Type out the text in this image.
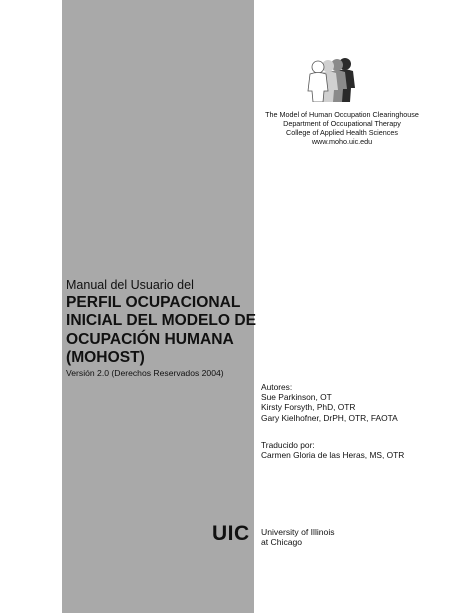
The Model of Human Occupation Clearinghouse
Department of Occupational Therapy
College of Applied Health Sciences
www.moho.uic.edu
Manual del Usuario del
PERFIL OCUPACIONAL
INICIAL DEL MODELO DE
OCUPACIÓN HUMANA
(MOHOST)
Versión 2.0 (Derechos Reservados 2004)
Autores:
Sue Parkinson, OT
Kirsty Forsyth, PhD, OTR
Gary Kielhofner, DrPH, OTR, FAOTA
Traducido por:
Carmen Gloria de las Heras, MS, OTR
UIC University of Illinois
at Chicago
